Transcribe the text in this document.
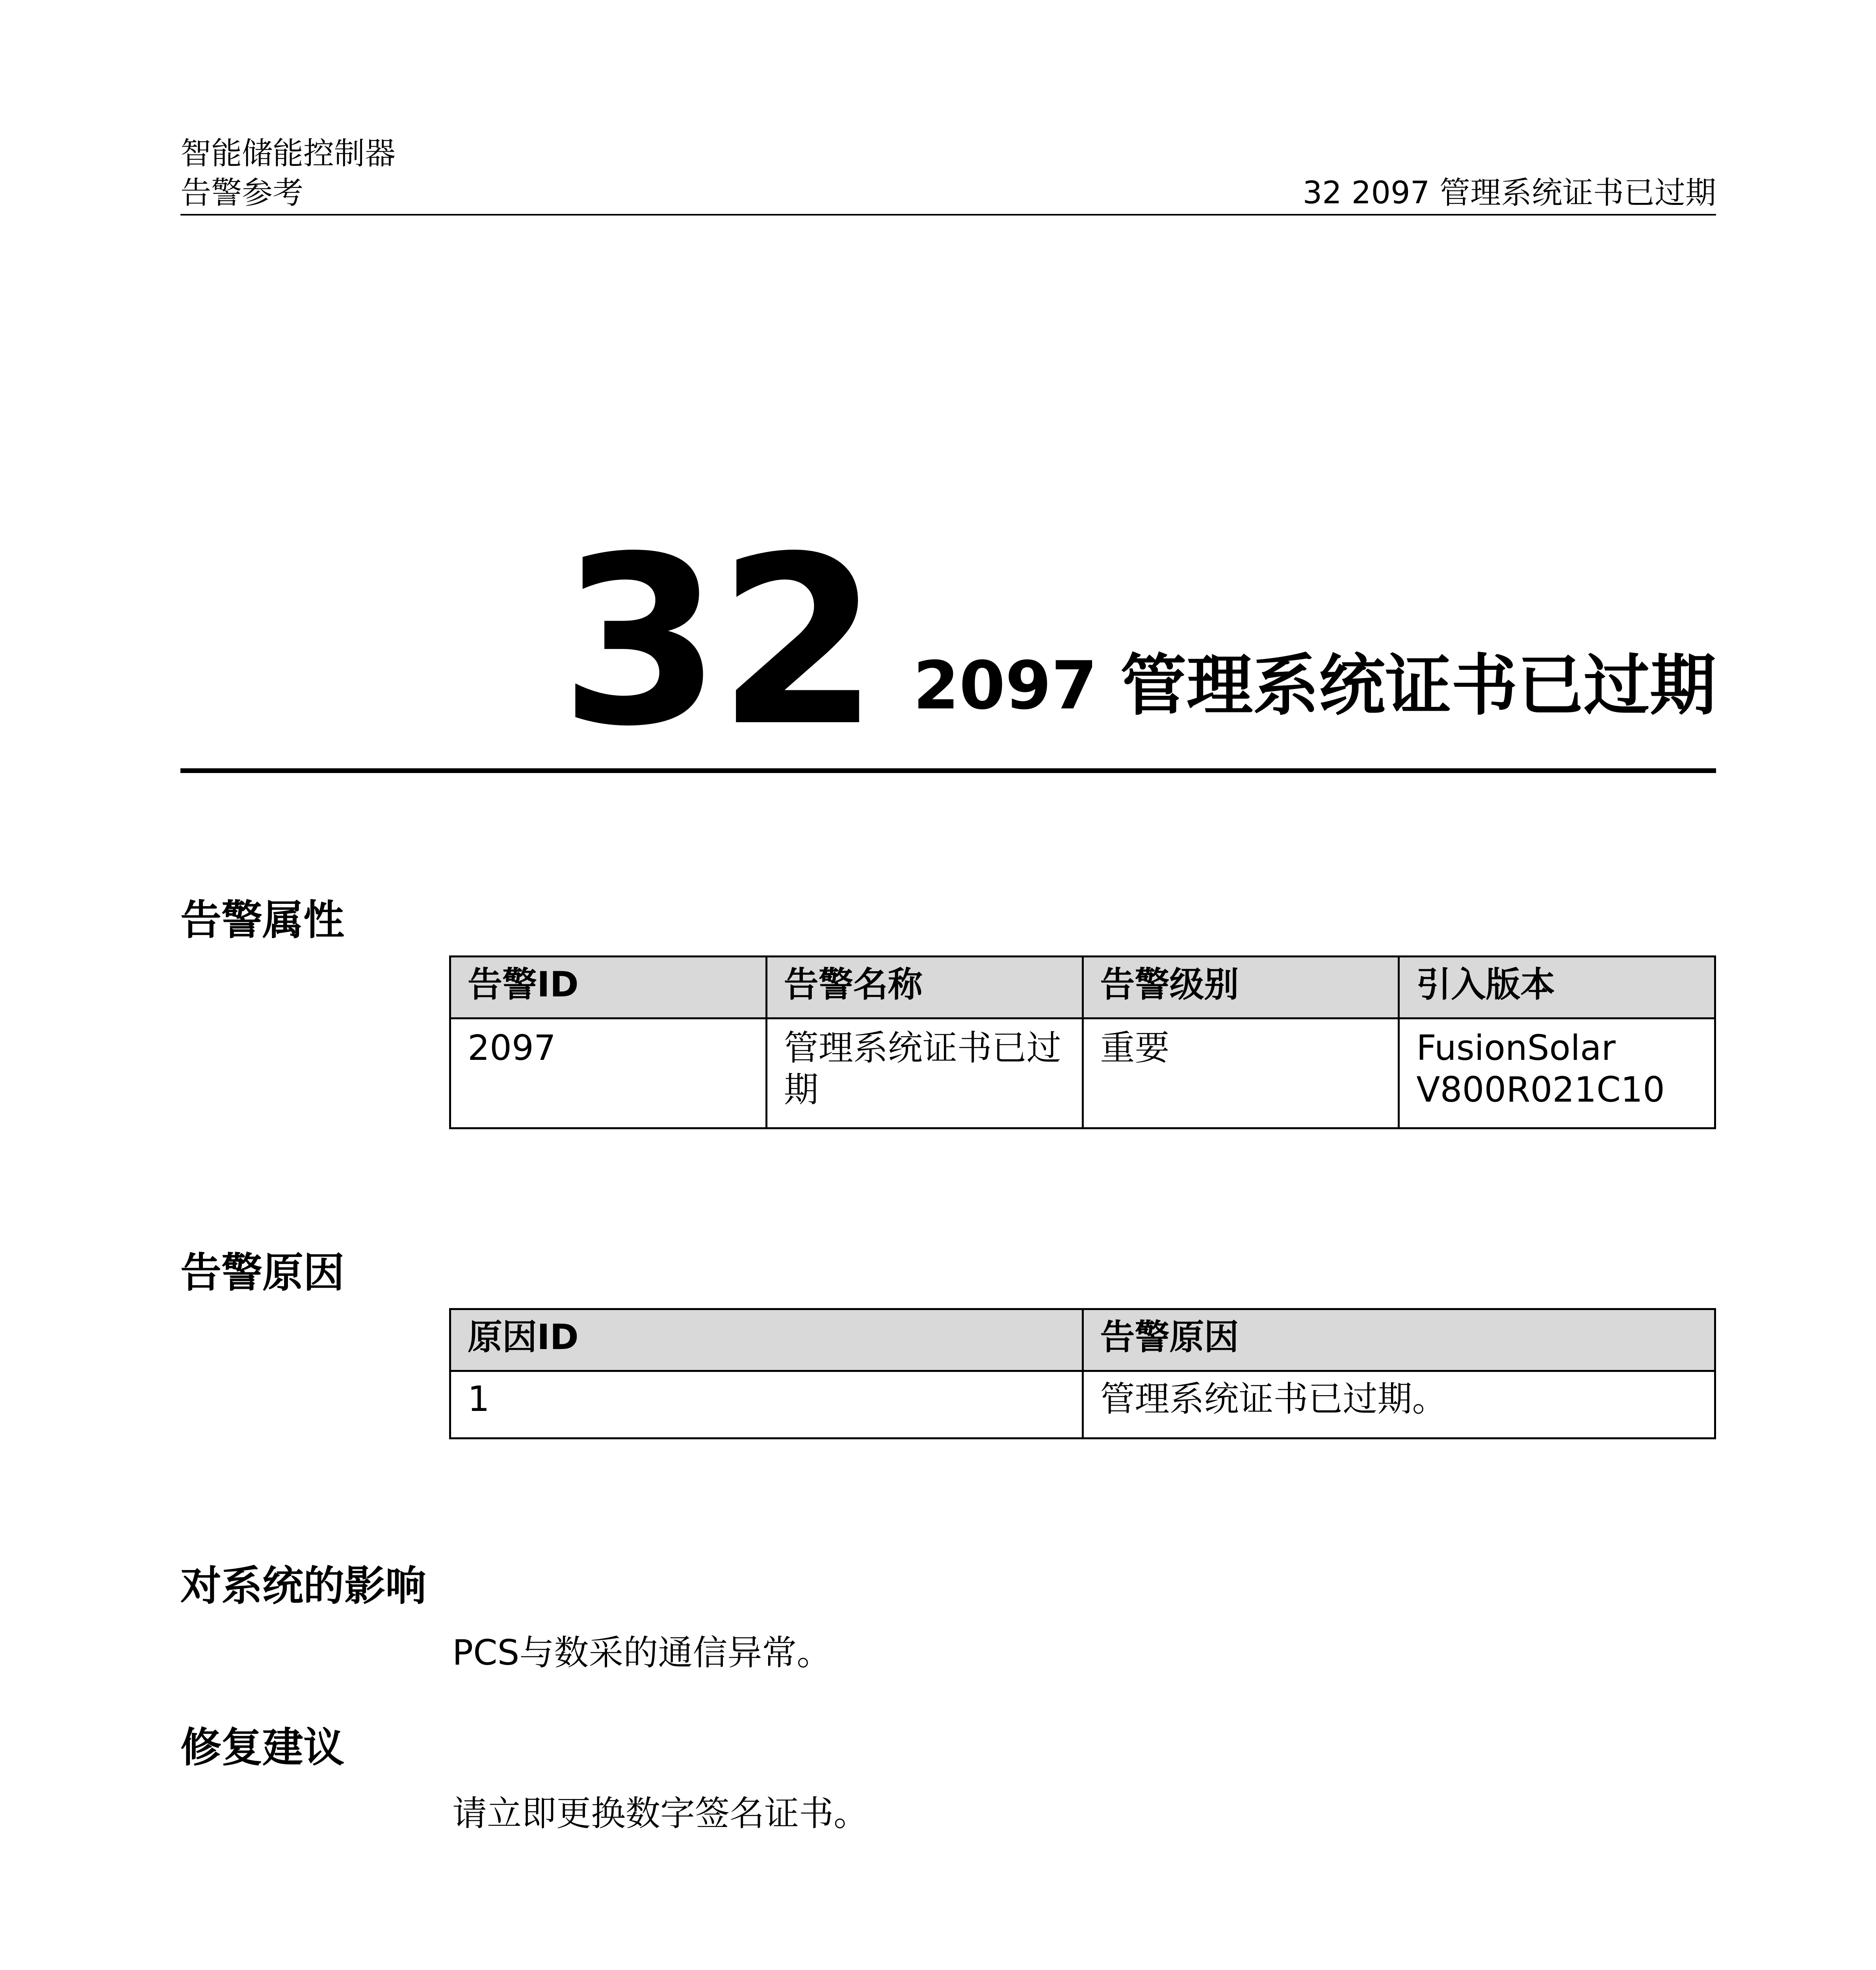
智能储能控制器
告警参考	32 2097 管理系统证书已过期
32 2097 管理系统证书已过期
告警属性
告警ID	告警名称	告警级别	引入版本
2097	管理系统证书已过期	重要	FusionSolar
V800R021C10
告警原因
原因ID	告警原因
1	管理系统证书已过期。
对系统的影响
PCS与数采的通信异常。
修复建议
请立即更换数字签名证书。
